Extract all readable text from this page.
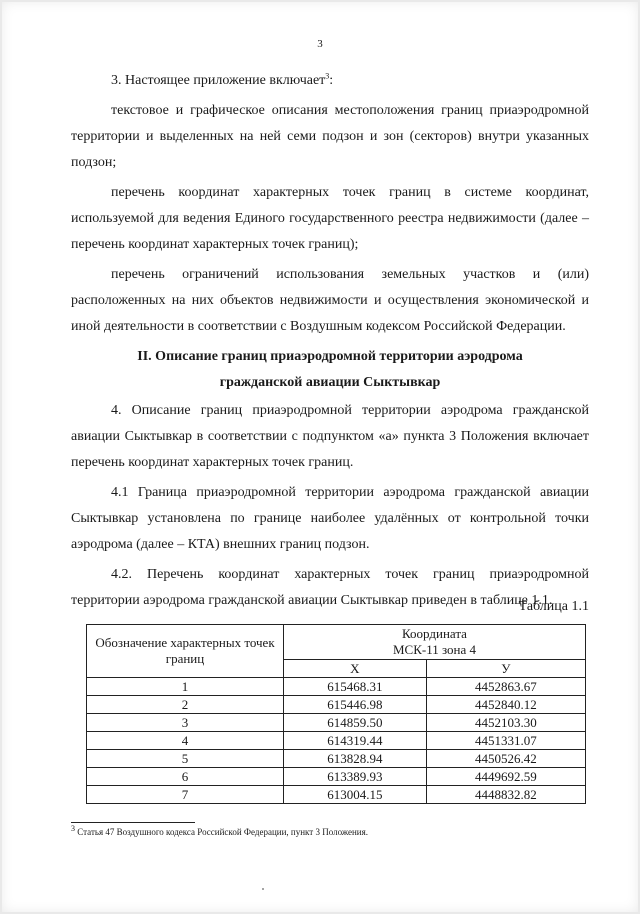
3

3. Настоящее приложение включает$^3$:

текстовое и графическое описания местоположения границ приаэродромной территории и выделенных на ней семи подзон и зон (секторов) внутри указанных подзон;

перечень координат характерных точек границ в системе координат, используемой для ведения Единого государственного реестра недвижимости (далее – перечень координат характерных точек границ);

перечень ограничений использования земельных участков и (или) расположенных на них объектов недвижимости и осуществления экономической и иной деятельности в соответствии с Воздушным кодексом Российской Федерации.

II. Описание границ приаэродромной территории аэродрома
гражданской авиации Сыктывкар

4. Описание границ приаэродромной территории аэродрома гражданской авиации Сыктывкар в соответствии с подпунктом «а» пункта 3 Положения включает перечень координат характерных точек границ.

4.1 Граница приаэродромной территории аэродрома гражданской авиации Сыктывкар установлена по границе наиболее удалённых от контрольной точки аэродрома (далее – КТА) внешних границ подзон.

4.2. Перечень координат характерных точек границ приаэродромной территории аэродрома гражданской авиации Сыктывкар приведен в таблице 1.1.

Таблица 1.1
Обозначение характерных точек границ	Координата
МСК-11 зона 4	
	X	У
1	615468.31	4452863.67
2	615446.98	4452840.12
3	614859.50	4452103.30
4	614319.44	4451331.07
5	613828.94	4450526.42
6	613389.93	4449692.59
7	613004.15	4448832.82
3 Статья 47 Воздушного кодекса Российской Федерации, пункт 3 Положения.
